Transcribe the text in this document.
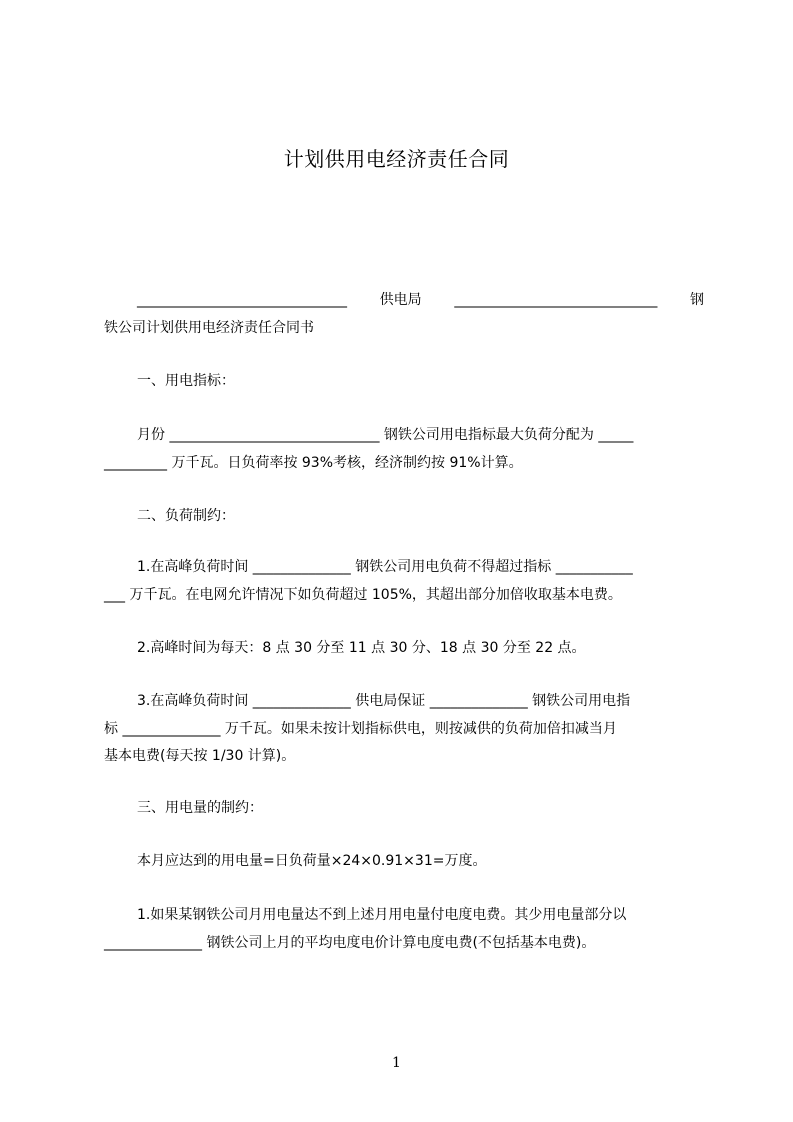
计划供用电经济责任合同
______________________________ 供电局 _____________________________ 钢
铁公司计划供用电经济责任合同书
一、用电指标：
月份 ______________________________ 钢铁公司用电指标最大负荷分配为 _____
_________ 万千瓦。日负荷率按 93%考核，经济制约按 91%计算。
二、负荷制约：
1.在高峰负荷时间 ______________ 钢铁公司用电负荷不得超过指标 ___________
___ 万千瓦。在电网允许情况下如负荷超过 105%，其超出部分加倍收取基本电费。
2.高峰时间为每天：8 点 30 分至 11 点 30 分、18 点 30 分至 22 点。
3.在高峰负荷时间 ______________ 供电局保证 ______________ 钢铁公司用电指
标 ______________ 万千瓦。如果未按计划指标供电，则按减供的负荷加倍扣减当月
基本电费(每天按 1/30 计算)。
三、用电量的制约：
本月应达到的用电量=日负荷量×24×0.91×31=万度。
1.如果某钢铁公司月用电量达不到上述月用电量付电度电费。其少用电量部分以
______________ 钢铁公司上月的平均电度电价计算电度电费(不包括基本电费)。
1
